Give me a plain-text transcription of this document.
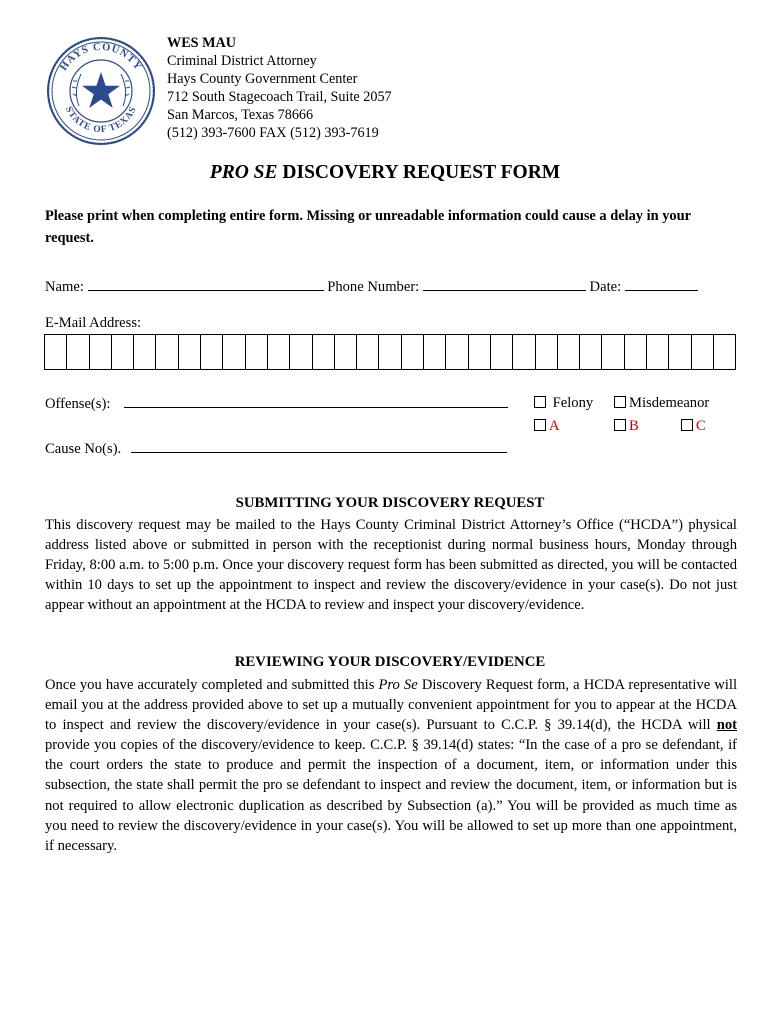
HAYS COUNTY
STATE OF TEXAS
WES MAU
Criminal District Attorney
Hays County Government Center
712 South Stagecoach Trail, Suite 2057
San Marcos, Texas 78666
(512) 393-7600 FAX (512) 393-7619
PRO SE DISCOVERY REQUEST FORM
Please print when completing entire form. Missing or unreadable information could cause a delay in your request.
Name:	Phone Number:	Date:
E-Mail Address:
Offense(s):	Felony	Misdemeanor
A	B	C
Cause No(s).
SUBMITTING YOUR DISCOVERY REQUEST
This discovery request may be mailed to the Hays County Criminal District Attorney’s Office (“HCDA”) physical address listed above or submitted in person with the receptionist during normal business hours, Monday through Friday, 8:00 a.m. to 5:00 p.m. Once your discovery request form has been submitted as directed, you will be contacted within 10 days to set up the appointment to inspect and review the discovery/evidence in your case(s). Do not just appear without an appointment at the HCDA to review and inspect your discovery/evidence.
REVIEWING YOUR DISCOVERY/EVIDENCE
Once you have accurately completed and submitted this Pro Se Discovery Request form, a HCDA representative will email you at the address provided above to set up a mutually convenient appointment for you to appear at the HCDA to inspect and review the discovery/evidence in your case(s). Pursuant to C.C.P. § 39.14(d), the HCDA will not provide you copies of the discovery/evidence to keep. C.C.P. § 39.14(d) states: “In the case of a pro se defendant, if the court orders the state to produce and permit the inspection of a document, item, or information under this subsection, the state shall permit the pro se defendant to inspect and review the document, item, or information but is not required to allow electronic duplication as described by Subsection (a).” You will be provided as much time as you need to review the discovery/evidence in your case(s). You will be allowed to set up more than one appointment, if necessary.
